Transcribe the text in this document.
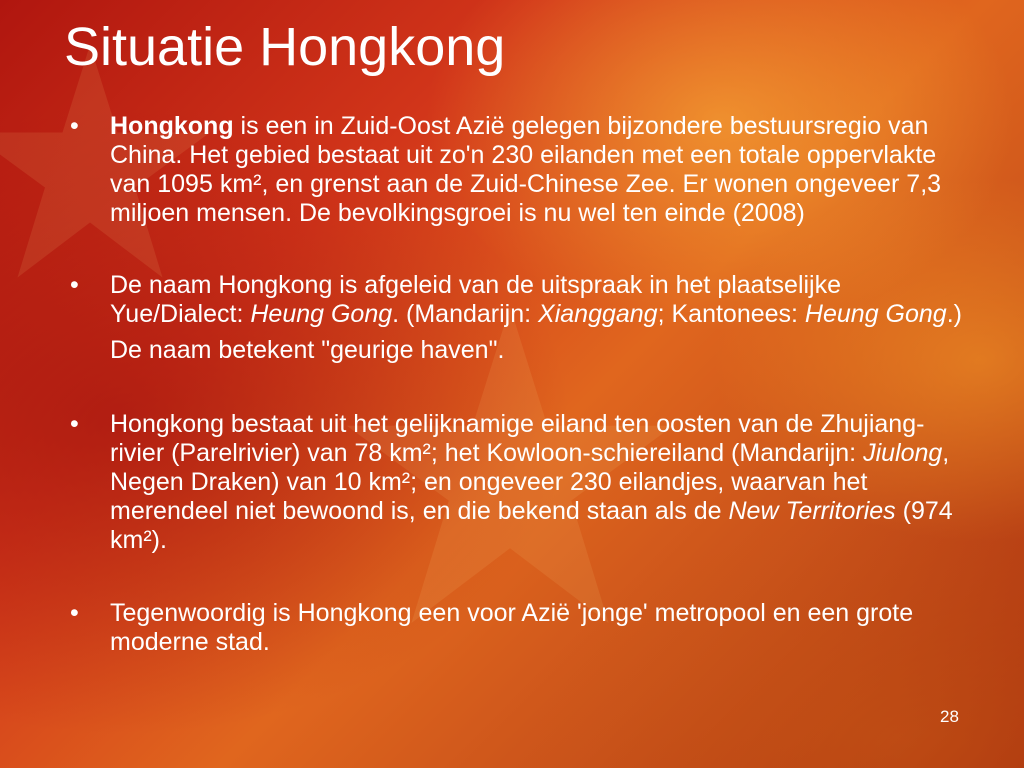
Situatie Hongkong
•	Hongkong is een in Zuid-Oost Azië gelegen bijzondere bestuursregio van China. Het gebied bestaat uit zo'n 230 eilanden met een totale oppervlakte van 1095 km², en grenst aan de Zuid-Chinese Zee. Er wonen ongeveer 7,3 miljoen mensen. De bevolkingsgroei is nu wel ten einde (2008)

•	De naam Hongkong is afgeleid van de uitspraak in het plaatselijke Yue/Dialect: Heung Gong. (Mandarijn: Xianggang; Kantonees: Heung Gong.)

De naam betekent "geurige haven".

•	Hongkong bestaat uit het gelijknamige eiland ten oosten van de Zhujiang-rivier (Parelrivier) van 78 km²; het Kowloon-schiereiland (Mandarijn: Jiulong, Negen Draken) van 10 km²; en ongeveer 230 eilandjes, waarvan het merendeel niet bewoond is, en die bekend staan als de New Territories (974 km²).

•	Tegenwoordig is Hongkong een voor Azië 'jonge' metropool en een grote moderne stad.

28
